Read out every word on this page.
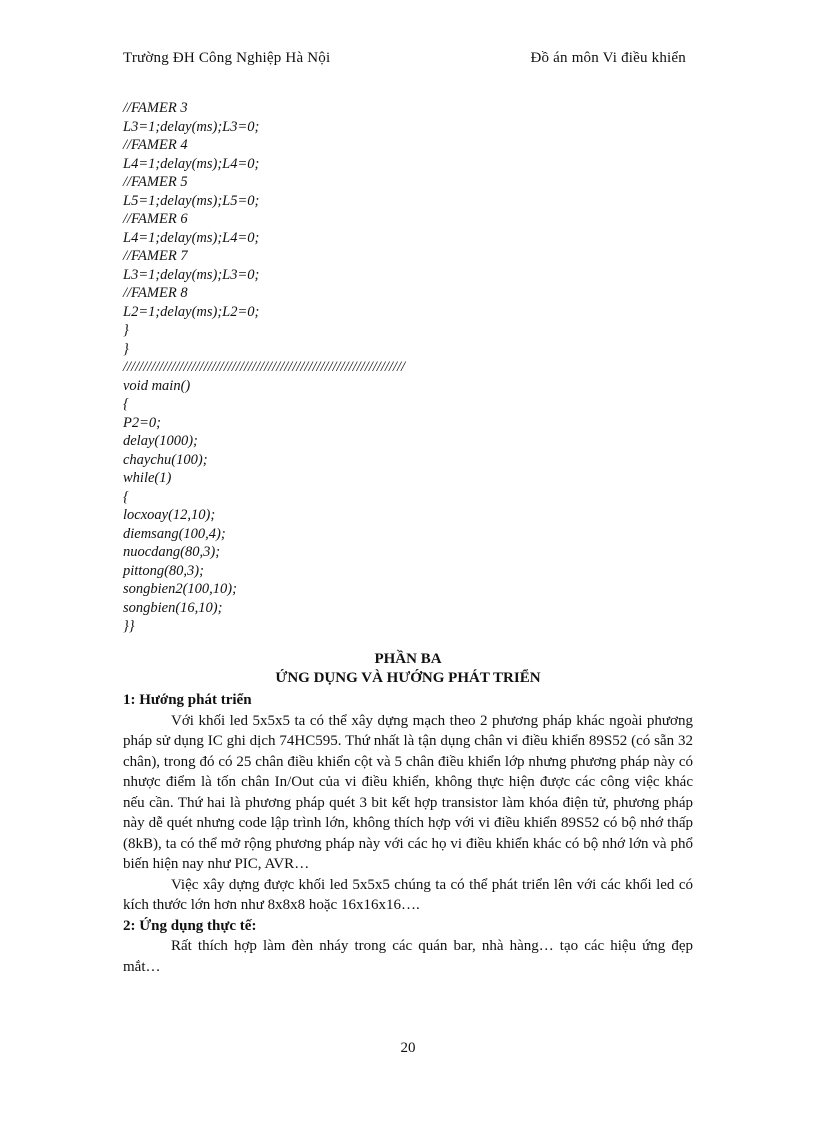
Trường ĐH Công Nghiệp Hà Nội	Đồ án môn Vi điều khiển
//FAMER 3
L3=1;delay(ms);L3=0;
//FAMER 4
L4=1;delay(ms);L4=0;
//FAMER 5
L5=1;delay(ms);L5=0;
//FAMER 6
L4=1;delay(ms);L4=0;
//FAMER 7
L3=1;delay(ms);L3=0;
//FAMER 8
L2=1;delay(ms);L2=0;
}
}
//////////////////////////////////////////////////////////////////////
void main()
{
P2=0;
delay(1000);
chaychu(100);
while(1)
{
locxoay(12,10);
diemsang(100,4);
nuocdang(80,3);
pittong(80,3);
songbien2(100,10);
songbien(16,10);
}}
PHẦN BA
ỨNG DỤNG VÀ HƯỚNG PHÁT TRIỂN

1: Hướng phát triển

Với khối led 5x5x5 ta có thể xây dựng mạch theo 2 phương pháp khác ngoài phương pháp sử dụng IC ghi dịch 74HC595. Thứ nhất là tận dụng chân vi điều khiển 89S52 (có sẵn 32 chân), trong đó có 25 chân điều khiển cột và 5 chân điều khiển lớp nhưng phương pháp này có nhược điểm là tốn chân In/Out của vi điều khiển, không thực hiện được các công việc khác nếu cần. Thứ hai là phương pháp quét 3 bit kết hợp transistor làm khóa điện tử, phương pháp này dễ quét nhưng code lập trình lớn, không thích hợp với vi điều khiển 89S52 có bộ nhớ thấp (8kB), ta có thể mở rộng phương pháp này với các họ vi điều khiển khác có bộ nhớ lớn và phổ biến hiện nay như PIC, AVR…

Việc xây dựng được khối led 5x5x5 chúng ta có thể phát triển lên với các khối led có kích thước lớn hơn như 8x8x8 hoặc 16x16x16….

2: Ứng dụng thực tế:

Rất thích hợp làm đèn nháy trong các quán bar, nhà hàng… tạo các hiệu ứng đẹp mắt…

20
